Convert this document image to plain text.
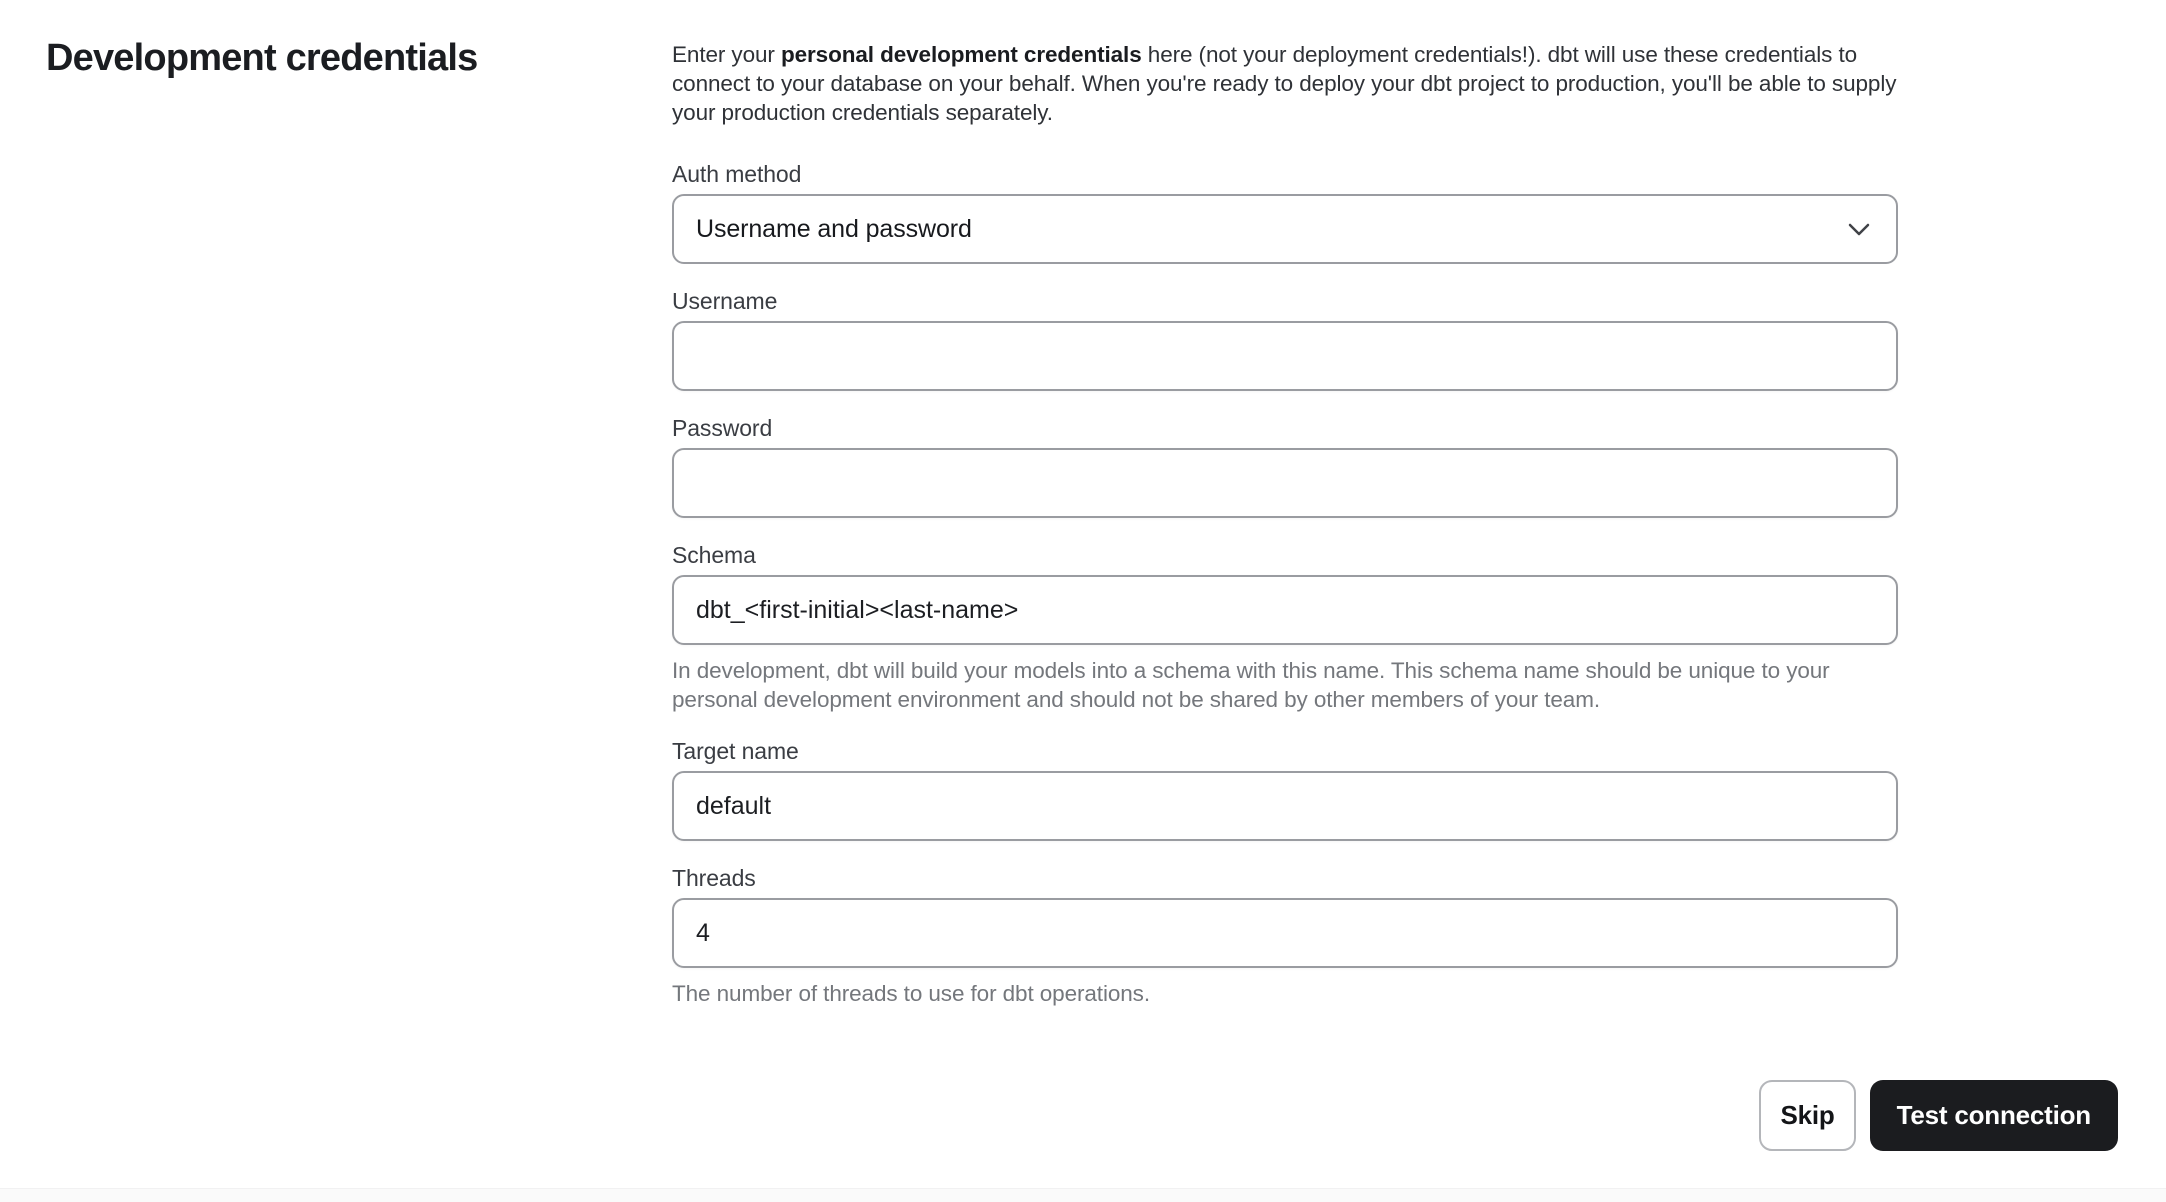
Development credentials	Enter your personal development credentials here (not your deployment credentials!). dbt will use these credentials to connect to your database on your behalf. When you're ready to deploy your dbt project to production, you'll be able to supply your production credentials separately.

Auth method
Username and password
Username
Password
Schema
dbt_<first-initial><last-name>
In development, dbt will build your models into a schema with this name. This schema name should be unique to your personal development environment and should not be shared by other members of your team.
Target name
default
Threads
4
The number of threads to use for dbt operations.
Skip	Test connection
